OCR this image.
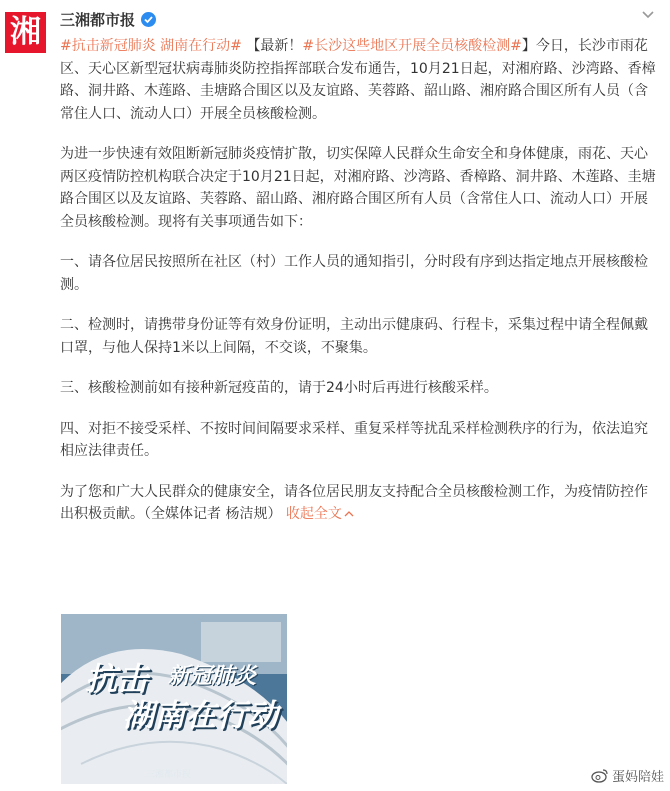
湘 三湘都市报

#抗击新冠肺炎 湖南在行动# 【最新！#长沙这些地区开展全员核酸检测#】今日，长沙市雨花区、天心区新型冠状病毒肺炎防控指挥部联合发布通告，10月21日起，对湘府路、沙湾路、香樟路、洞井路、木莲路、圭塘路合围区以及友谊路、芙蓉路、韶山路、湘府路合围区所有人员（含常住人口、流动人口）开展全员核酸检测。

为进一步快速有效阻断新冠肺炎疫情扩散，切实保障人民群众生命安全和身体健康，雨花、天心两区疫情防控机构联合决定于10月21日起，对湘府路、沙湾路、香樟路、洞井路、木莲路、圭塘路合围区以及友谊路、芙蓉路、韶山路、湘府路合围区所有人员（含常住人口、流动人口）开展全员核酸检测。现将有关事项通告如下：

一、请各位居民按照所在社区（村）工作人员的通知指引，分时段有序到达指定地点开展核酸检测。

二、检测时，请携带身份证等有效身份证明，主动出示健康码、行程卡，采集过程中请全程佩戴口罩，与他人保持1米以上间隔，不交谈，不聚集。

三、核酸检测前如有接种新冠疫苗的，请于24小时后再进行核酸采样。

四、对拒不接受采样、不按时间间隔要求采样、重复采样等扰乱采样检测秩序的行为，依法追究相应法律责任。

为了您和广大人民群众的健康安全，请各位居民朋友支持配合全员核酸检测工作，为疫情防控作出积极贡献。（全媒体记者 杨洁规） 收起全文

抗击 新冠肺炎
湖南在行动
三湘都市报	蛋妈陪娃
